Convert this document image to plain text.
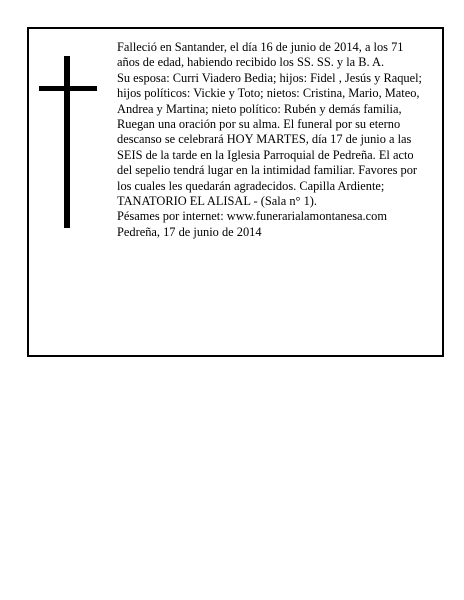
Falleció en Santander, el día 16 de junio de 2014, a los 71 años de edad, habiendo recibido los SS. SS. y la B. A.

Su esposa: Curri Viadero Bedia; hijos: Fidel , Jesús y Raquel; hijos políticos: Vickie y Toto; nietos: Cristina, Mario, Mateo, Andrea y Martina; nieto político: Rubén y demás familia,

Ruegan una oración por su alma. El funeral por su eterno descanso se celebrará HOY MARTES, día 17 de junio a las SEIS de la tarde en la Iglesia Parroquial de Pedreña. El acto del sepelio tendrá lugar en la intimidad familiar. Favores por los cuales les quedarán agradecidos. Capilla Ardiente; TANATORIO EL ALISAL - (Sala n° 1).

Pésames por internet: www.funerarialamontanesa.com

Pedreña, 17 de junio de 2014
